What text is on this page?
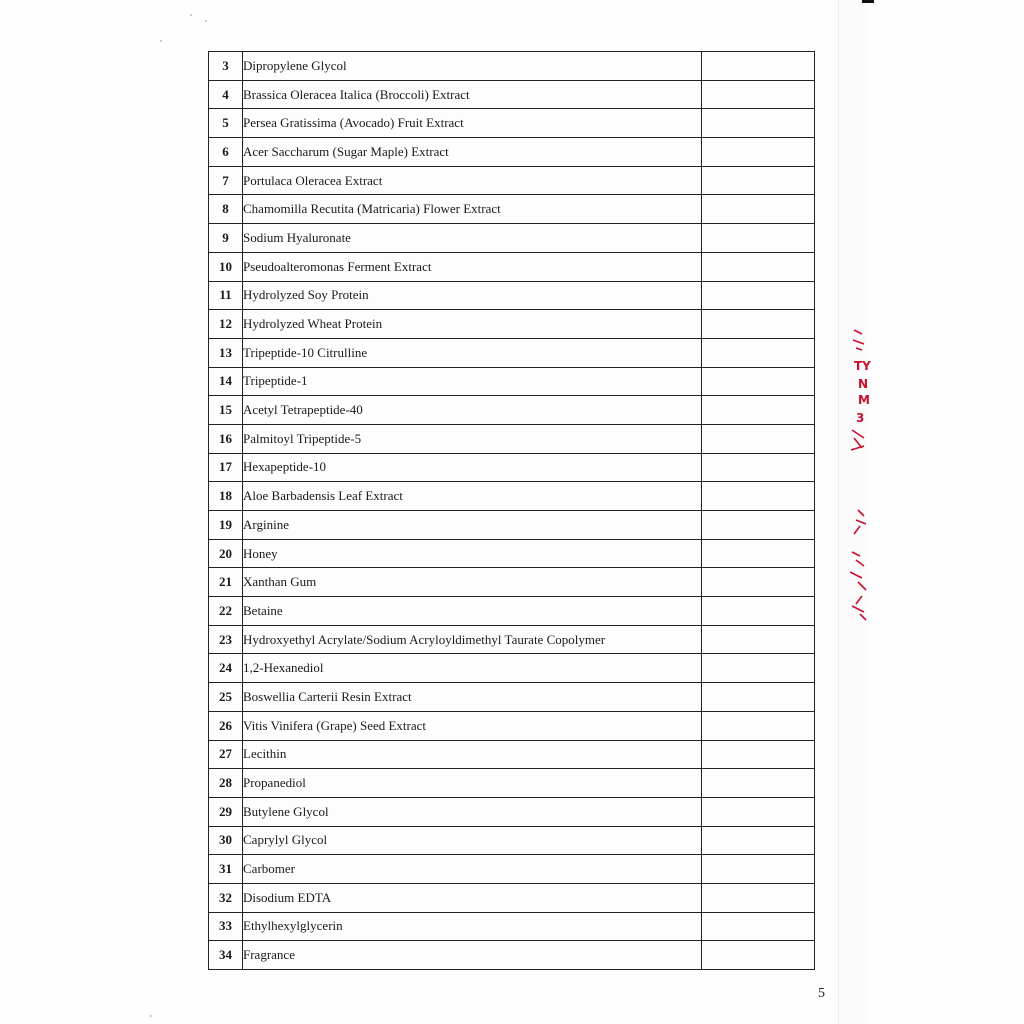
3	Dipropylene Glycol	
4	Brassica Oleracea Italica (Broccoli) Extract	
5	Persea Gratissima (Avocado) Fruit Extract	
6	Acer Saccharum (Sugar Maple) Extract	
7	Portulaca Oleracea Extract	
8	Chamomilla Recutita (Matricaria) Flower Extract	
9	Sodium Hyaluronate	
10	Pseudoalteromonas Ferment Extract	
11	Hydrolyzed Soy Protein	
12	Hydrolyzed Wheat Protein	
13	Tripeptide-10 Citrulline	
14	Tripeptide-1	
15	Acetyl Tetrapeptide-40	
16	Palmitoyl Tripeptide-5	
17	Hexapeptide-10	
18	Aloe Barbadensis Leaf Extract	
19	Arginine	
20	Honey	
21	Xanthan Gum	
22	Betaine	
23	Hydroxyethyl Acrylate/Sodium Acryloyldimethyl Taurate Copolymer	
24	1,2-Hexanediol	
25	Boswellia Carterii Resin Extract	
26	Vitis Vinifera (Grape) Seed Extract	
27	Lecithin	
28	Propanediol	
29	Butylene Glycol	
30	Caprylyl Glycol	
31	Carbomer	
32	Disodium EDTA	
33	Ethylhexylglycerin	
34	Fragrance	
5
TY
N
M
3
